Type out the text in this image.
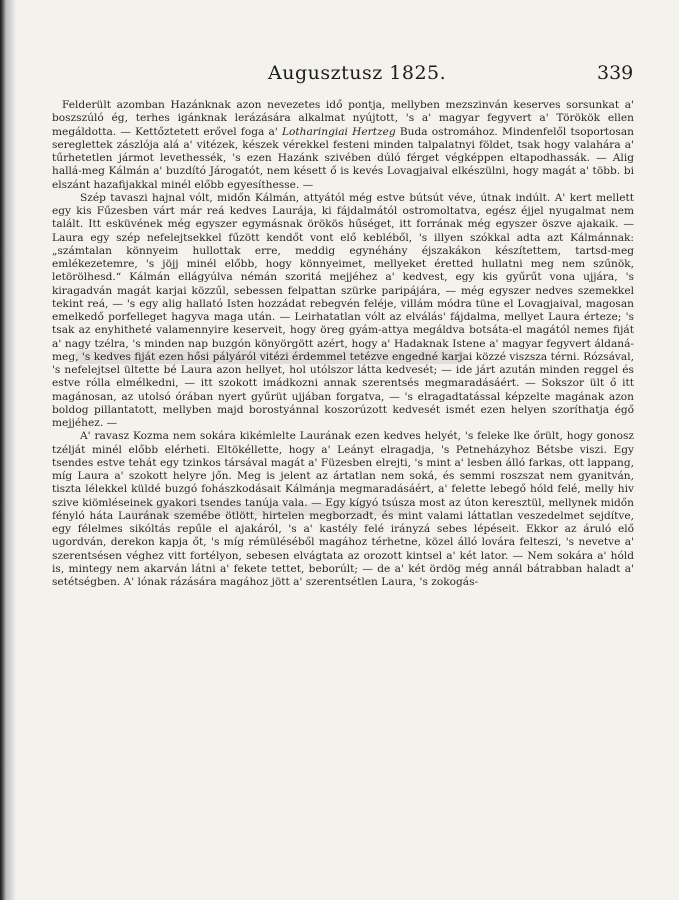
Augusztusz 1825.	339

Felderült azomban Hazánknak azon nevezetes idő pontja, mellyben mezszinván keserves sorsunkat a' boszszúló ég, terhes igánknak lerázására alkalmat nyújtott, 's a' magyar fegyvert a' Törökök ellen megáldotta. — Kettőztetett erővel foga a' Lotharingiai Hertzeg Buda ostromához. Mindenfelől tsoportosan sereglettek zászlója alá a' vitézek, készek vérekkel festeni minden talpalatnyi földet, tsak hogy valahára a' tűrhetetlen jármot levethessék, 's ezen Hazánk szivében dúló férget végképpen eltapodhassák. — Alig hallá-meg Kálmán a' buzdító Járogatót, nem késett ő is kevés Lovagjaival elkészülni, hogy magát a' több. bi elszánt hazafijakkal minél előbb egyesíthesse. —

Szép tavaszi hajnal vólt, midőn Kálmán, attyától még estve bútsút véve, útnak indúlt. A' kert mellett egy kis Fűzesben várt már reá kedves Laurája, ki fájdalmától ostromoltatva, egész éjjel nyugalmat nem talált. Itt esküvének még egyszer egymásnak örökös hűséget, itt forrának még egyszer öszve ajakaik. — Laura egy szép nefelejtsekkel fűzött kendőt vont elő kebléből, 's illyen szókkal adta azt Kálmánnak: „számtalan könnyeim hullottak erre, meddig egynéhány éjszakákon készítettem, tartsd-meg emlékezetemre, 's jöjj minél előbb, hogy könnyeimet, mellyeket éretted hullatni meg nem szűnök, letörölhesd.“ Kálmán ellágyúlva némán szoritá mejjéhez a' kedvest, egy kis gyűrűt vona ujjára, 's kiragadván magát karjai közzűl, sebessen felpattan szürke paripájára, — még egyszer nedves szemekkel tekint reá, — 's egy alig hallató Isten hozzádat rebegvén feléje, villám módra tüne el Lovagjaival, magosan emelkedő porfelleget hagyva maga után. — Leirhatatlan vólt az elválás' fájdalma, mellyet Laura érteze; 's tsak az enyhitheté valamennyire keserveit, hogy öreg gyám-attya megáldva botsáta-el magától nemes fiját a' nagy tzélra, 's minden nap buzgón könyörgött azért, hogy a' Hadaknak Istene a' magyar fegyvert áldaná-meg, 's kedves fiját ezen hősi pályáról vitézi érdemmel tetézve engedné karjai közzé viszsza térni. Rózsával, 's nefelejtsel ültette bé Laura azon hellyet, hol utólszor látta kedvesét; — ide járt azután minden reggel és estve rólla elmélkedni, — itt szokott imádkozni annak szerentsés megmaradásáért. — Sokszor ült ő itt magánosan, az utolsó órában nyert gyűrüt ujjában forgatva, — 's elragadtatással képzelte magának azon boldog pillantatott, mellyben majd borostyánnal koszorúzott kedvesét ismét ezen helyen szoríthatja égő mejjéhez. —

A' ravasz Kozma nem sokára kikémlelte Laurának ezen kedves helyét, 's feleke lke őrült, hogy gonosz tzélját minél előbb elérheti. Eltökéllette, hogy a' Leányt elragadja, 's Petneházyhoz Bétsbe viszi. Egy tsendes estve tehát egy tzinkos társával magát a' Füzesben elrejti, 's mint a' lesben álló farkas, ott lappang, míg Laura a' szokott helyre jőn. Meg is jelent az ártatlan nem soká, és semmi roszszat nem gyanitván, tiszta lélekkel küldé buzgó fohászkodásait Kálmánja megmaradásáért, a' felette lebegő hóld felé, melly hiv szive kiömléseinek gyakori tsendes tanúja vala. — Egy kígyó tsúsza most az úton keresztül, mellynek midőn fényló háta Laurának szemébe ötlött, hirtelen megborzadt, és mint valami láttatlan veszedelmet sejdítve, egy félelmes sikóltás repűle el ajakáról, 's a' kastély felé irányzá sebes lépéseit. Ekkor az áruló elő ugordván, derekon kapja őt, 's míg rémüléséből magához térhetne, közel álló lovára felteszi, 's nevetve a' szerentsésen véghez vitt fortélyon, sebesen elvágtata az orozott kintsel a' két lator. — Nem sokára a' hóld is, mintegy nem akarván látni a' fekete tettet, beborúlt; — de a' két ördög még annál bátrabban haladt a' setétségben. A' lónak rázására magához jött a' szerentsétlen Laura, 's zokogás-
